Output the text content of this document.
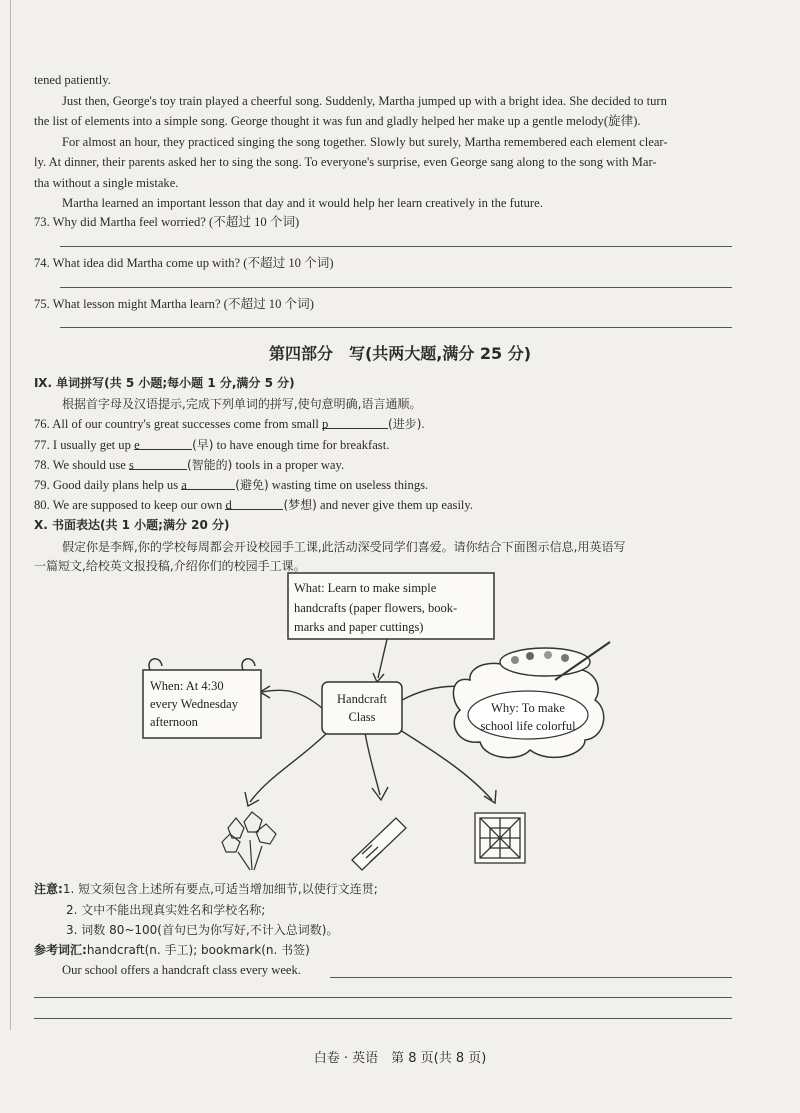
tened patiently.
Just then, George's toy train played a cheerful song. Suddenly, Martha jumped up with a bright idea. She decided to turn
the list of elements into a simple song. George thought it was fun and gladly helped her make up a gentle melody(旋律).
For almost an hour, they practiced singing the song together. Slowly but surely, Martha remembered each element clear-
ly. At dinner, their parents asked her to sing the song. To everyone's surprise, even George sang along to the song with Mar-
tha without a single mistake.
Martha learned an important lesson that day and it would help her learn creatively in the future.
73. Why did Martha feel worried? (不超过 10 个词)
74. What idea did Martha come up with? (不超过 10 个词)
75. What lesson might Martha learn? (不超过 10 个词)
第四部分　写(共两大题,满分 25 分)
Ⅸ. 单词拼写(共 5 小题;每小题 1 分,满分 5 分)
根据首字母及汉语提示,完成下列单词的拼写,使句意明确,语言通顺。
76. All of our country's great successes come from small p	(进步).
77. I usually get up e	(早) to have enough time for breakfast.
78. We should use s	(智能的) tools in a proper way.
79. Good daily plans help us a	(避免) wasting time on useless things.
80. We are supposed to keep our own d	(梦想) and never give them up easily.
Ⅹ. 书面表达(共 1 小题;满分 20 分)
假定你是李辉,你的学校每周都会开设校园手工课,此活动深受同学们喜爱。请你结合下面图示信息,用英语写
一篇短文,给校英文报投稿,介绍你们的校园手工课。
What: Learn to make simple
handcrafts (paper flowers, book-
marks and paper cuttings)
When: At 4:30
every Wednesday
afternoon
Handcraft
Class
Why: To make
school life colorful
注意:1. 短文须包含上述所有要点,可适当增加细节,以使行文连贯;
2. 文中不能出现真实姓名和学校名称;
3. 词数 80~100(首句已为你写好,不计入总词数)。
参考词汇:handcraft(n. 手工); bookmark(n. 书签)
Our school offers a handcraft class every week.
白卷 · 英语　第 8 页(共 8 页)
